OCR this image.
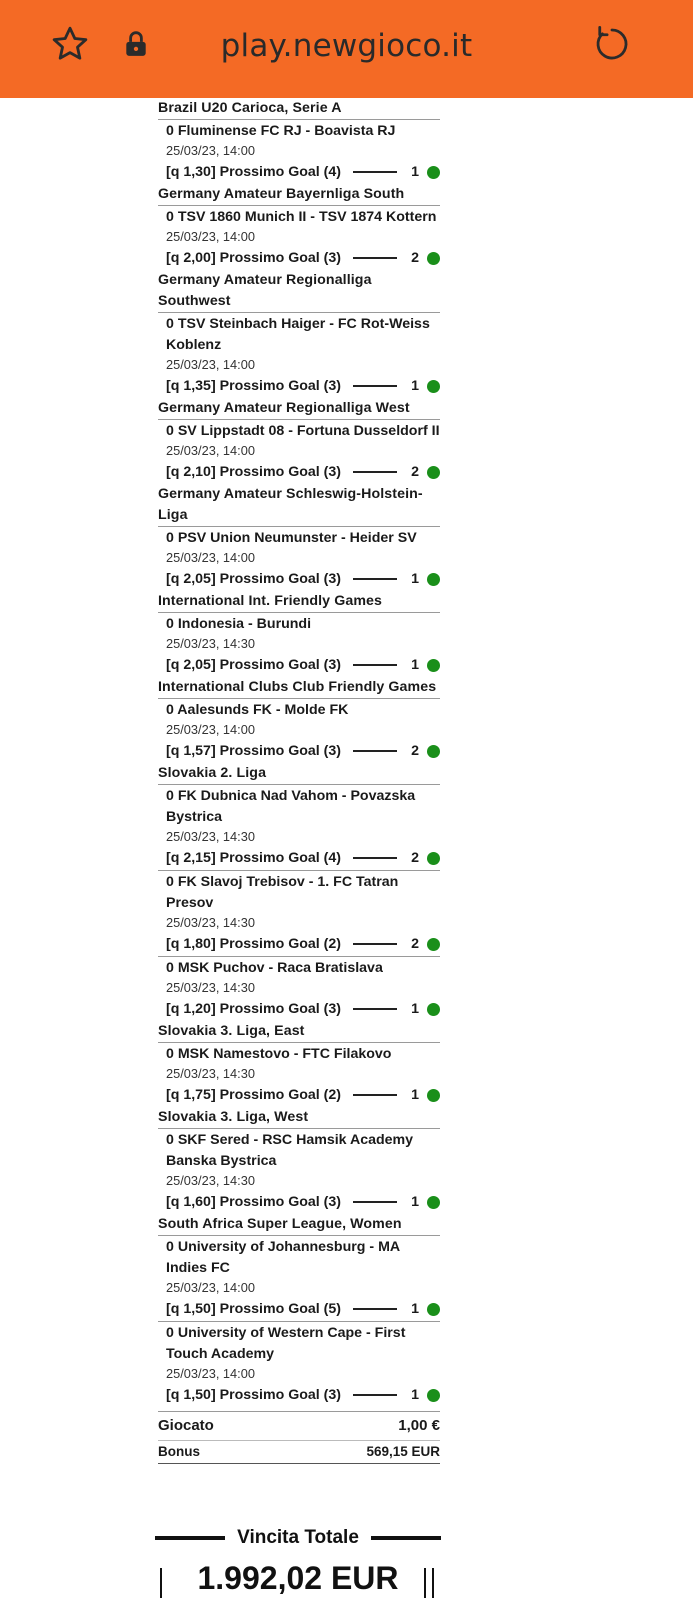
play.newgioco.it
Brazil U20 Carioca, Serie A
0 Fluminense FC RJ - Boavista RJ
25/03/23, 14:00
[q 1,30] Prossimo Goal (4)	1
Germany Amateur Bayernliga South
0 TSV 1860 Munich II - TSV 1874 Kottern
25/03/23, 14:00
[q 2,00] Prossimo Goal (3)	2
Germany Amateur Regionalliga Southwest
0 TSV Steinbach Haiger - FC Rot-Weiss Koblenz
25/03/23, 14:00
[q 1,35] Prossimo Goal (3)	1
Germany Amateur Regionalliga West
0 SV Lippstadt 08 - Fortuna Dusseldorf II
25/03/23, 14:00
[q 2,10] Prossimo Goal (3)	2
Germany Amateur Schleswig-Holstein-Liga
0 PSV Union Neumunster - Heider SV
25/03/23, 14:00
[q 2,05] Prossimo Goal (3)	1
International Int. Friendly Games
0 Indonesia - Burundi
25/03/23, 14:30
[q 2,05] Prossimo Goal (3)	1
International Clubs Club Friendly Games
0 Aalesunds FK - Molde FK
25/03/23, 14:00
[q 1,57] Prossimo Goal (3)	2
Slovakia 2. Liga
0 FK Dubnica Nad Vahom - Povazska Bystrica
25/03/23, 14:30
[q 2,15] Prossimo Goal (4)	2
0 FK Slavoj Trebisov - 1. FC Tatran Presov
25/03/23, 14:30
[q 1,80] Prossimo Goal (2)	2
0 MSK Puchov - Raca Bratislava
25/03/23, 14:30
[q 1,20] Prossimo Goal (3)	1
Slovakia 3. Liga, East
0 MSK Namestovo - FTC Filakovo
25/03/23, 14:30
[q 1,75] Prossimo Goal (2)	1
Slovakia 3. Liga, West
0 SKF Sered - RSC Hamsik Academy Banska Bystrica
25/03/23, 14:30
[q 1,60] Prossimo Goal (3)	1
South Africa Super League, Women
0 University of Johannesburg - MA Indies FC
25/03/23, 14:00
[q 1,50] Prossimo Goal (5)	1
0 University of Western Cape - First Touch Academy
25/03/23, 14:00
[q 1,50] Prossimo Goal (3)	1
Giocato	1,00 €
Bonus	569,15 EUR
Vincita Totale
1.992,02 EUR
